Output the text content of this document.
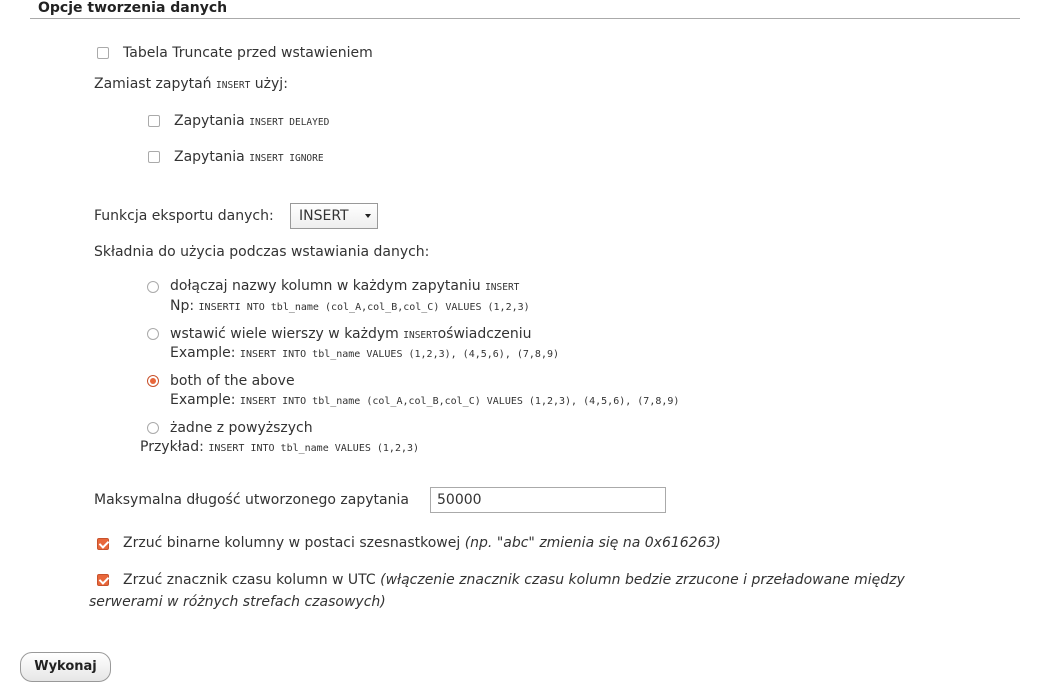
Opcje tworzenia danych
Tabela Truncate przed wstawieniem
Zamiast zapytań INSERT użyj:
Zapytania INSERT DELAYED
Zapytania INSERT IGNORE
Funkcja eksportu danych: INSERT
Składnia do użycia podczas wstawiania danych:
dołączaj nazwy kolumn w każdym zapytaniu INSERT
Np: INSERTI NTO tbl_name (col_A,col_B,col_C) VALUES (1,2,3)
wstawić wiele wierszy w każdym INSERToświadczeniu
Example: INSERT INTO tbl_name VALUES (1,2,3), (4,5,6), (7,8,9)
both of the above
Example: INSERT INTO tbl_name (col_A,col_B,col_C) VALUES (1,2,3), (4,5,6), (7,8,9)
żadne z powyższych
Przykład: INSERT INTO tbl_name VALUES (1,2,3)
Maksymalna długość utworzonego zapytania
50000
Zrzuć binarne kolumny w postaci szesnastkowej (np. "abc" zmienia się na 0x616263)
Zrzuć znacznik czasu kolumn w UTC (włączenie znacznik czasu kolumn bedzie zrzucone i przeładowane między
serwerami w różnych strefach czasowych)
Wykonaj
